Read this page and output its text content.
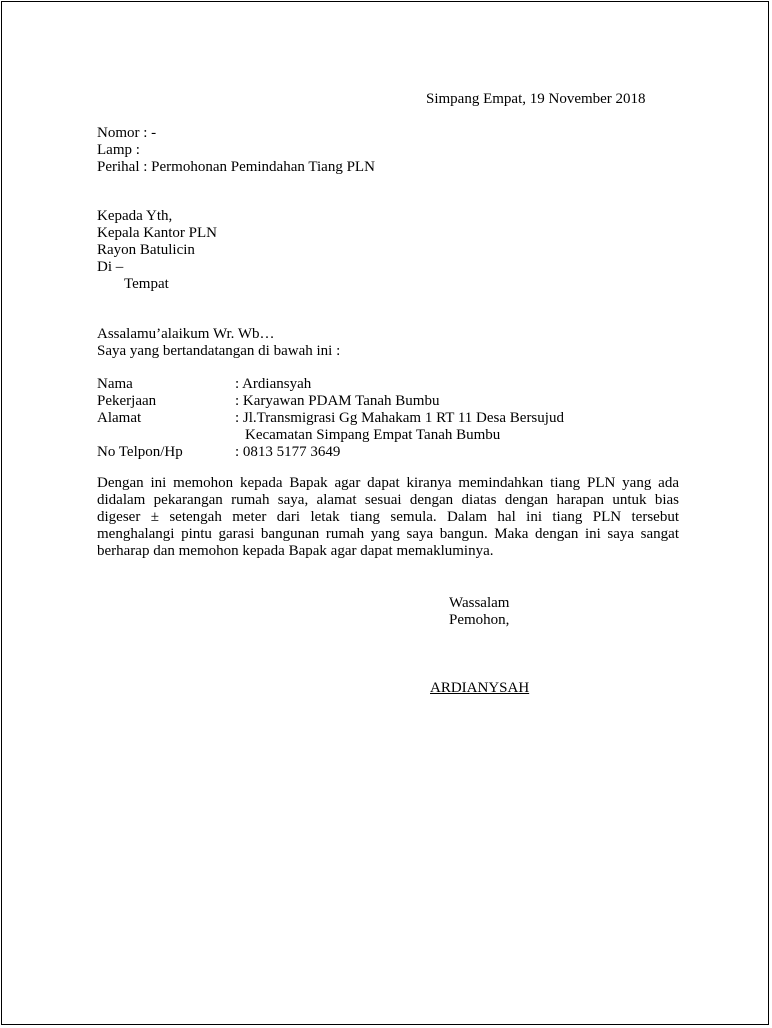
Simpang Empat, 19 November 2018
Nomor : -
Lamp :
Perihal : Permohonan Pemindahan Tiang PLN
Kepada Yth,
Kepala Kantor PLN
Rayon Batulicin
Di –
Tempat
Assalamu’alaikum Wr. Wb…
Saya yang bertandatangan di bawah ini :
Nama	: Ardiansyah
Pekerjaan	: Karyawan PDAM Tanah Bumbu
Alamat	: Jl.Transmigrasi Gg Mahakam 1 RT 11 Desa Bersujud
Kecamatan Simpang Empat Tanah Bumbu
No Telpon/Hp	: 0813 5177 3649
Dengan ini memohon kepada Bapak agar dapat kiranya memindahkan tiang PLN yang ada
didalam pekarangan rumah saya, alamat sesuai dengan diatas dengan harapan untuk bias
digeser ± setengah meter dari letak tiang semula. Dalam hal ini tiang PLN tersebut
menghalangi pintu garasi bangunan rumah yang saya bangun. Maka dengan ini saya sangat
berharap dan memohon kepada Bapak agar dapat memakluminya.
Wassalam
Pemohon,
ARDIANYSAH
